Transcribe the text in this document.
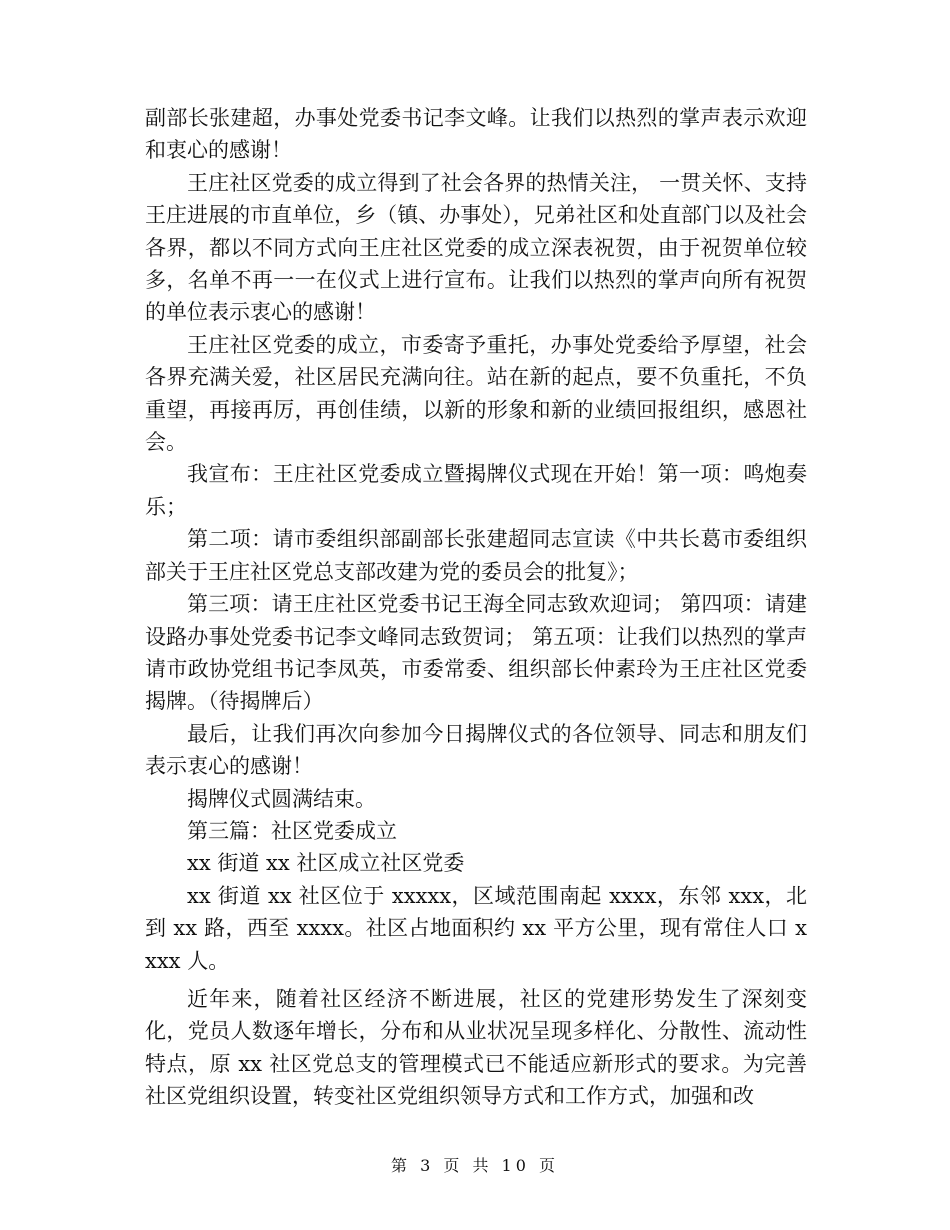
副部长张建超，办事处党委书记李文峰。让我们以热烈的掌声表示欢迎和衷心的感谢！

王庄社区党委的成立得到了社会各界的热情关注， 一贯关怀、支持王庄进展的市直单位，乡（镇、办事处），兄弟社区和处直部门以及社会各界，都以不同方式向王庄社区党委的成立深表祝贺，由于祝贺单位较多，名单不再一一在仪式上进行宣布。让我们以热烈的掌声向所有祝贺的单位表示衷心的感谢！

王庄社区党委的成立，市委寄予重托，办事处党委给予厚望，社会各界充满关爱，社区居民充满向往。站在新的起点，要不负重托，不负重望，再接再厉，再创佳绩，以新的形象和新的业绩回报组织，感恩社会。

我宣布：王庄社区党委成立暨揭牌仪式现在开始！第一项：鸣炮奏乐；

第二项：请市委组织部副部长张建超同志宣读《中共长葛市委组织部关于王庄社区党总支部改建为党的委员会的批复》；

第三项：请王庄社区党委书记王海全同志致欢迎词； 第四项：请建设路办事处党委书记李文峰同志致贺词； 第五项：让我们以热烈的掌声请市政协党组书记李凤英，市委常委、组织部长仲素玲为王庄社区党委揭牌。（待揭牌后）

最后，让我们再次向参加今日揭牌仪式的各位领导、同志和朋友们表示衷心的感谢！

揭牌仪式圆满结束。

第三篇：社区党委成立

xx 街道 xx 社区成立社区党委

xx 街道 xx 社区位于 xxxxx，区域范围南起 xxxx，东邻 xxx，北到 xx 路，西至 xxxx。社区占地面积约 xx 平方公里，现有常住人口 xxxx 人。

近年来，随着社区经济不断进展，社区的党建形势发生了深刻变化，党员人数逐年增长，分布和从业状况呈现多样化、分散性、流动性特点，原 xx 社区党总支的管理模式已不能适应新形式的要求。为完善社区党组织设置，转变社区党组织领导方式和工作方式，加强和改

第 3 页 共 10 页
